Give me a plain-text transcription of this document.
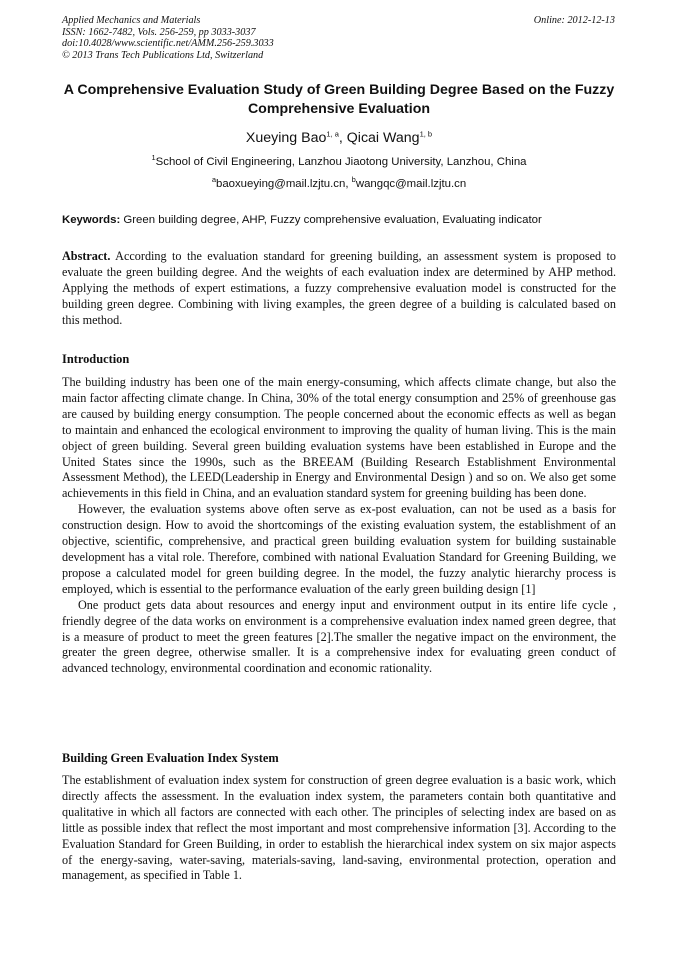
Applied Mechanics and Materials
ISSN: 1662-7482, Vols. 256-259, pp 3033-3037
doi:10.4028/www.scientific.net/AMM.256-259.3033
© 2013 Trans Tech Publications Ltd, Switzerland
Online: 2012-12-13
A Comprehensive Evaluation Study of Green Building Degree Based on the Fuzzy Comprehensive Evaluation
Xueying Bao$^{1, a}$, Qicai Wang$^{1, b}$
$^1$School of Civil Engineering, Lanzhou Jiaotong University, Lanzhou, China
$^a$baoxueying@mail.lzjtu.cn, $^b$wangqc@mail.lzjtu.cn
Keywords: Green building degree, AHP, Fuzzy comprehensive evaluation, Evaluating indicator
Abstract. According to the evaluation standard for greening building, an assessment system is proposed to evaluate the green building degree. And the weights of each evaluation index are determined by AHP method. Applying the methods of expert estimations, a fuzzy comprehensive evaluation model is constructed for the building green degree. Combining with living examples, the green degree of a building is calculated based on this method.
Introduction

The building industry has been one of the main energy-consuming, which affects climate change, but also the main factor affecting climate change. In China, 30% of the total energy consumption and 25% of greenhouse gas are caused by building energy consumption. The people concerned about the economic effects as well as began to maintain and enhanced the ecological environment to improving the quality of human living. This is the main object of green building. Several green building evaluation systems have been established in Europe and the United States since the 1990s, such as the BREEAM (Building Research Establishment Environmental Assessment Method), the LEED(Leadership in Energy and Environmental Design ) and so on. We also get some achievements in this field in China, and an evaluation standard system for greening building has been done.

However, the evaluation systems above often serve as ex-post evaluation, can not be used as a basis for construction design. How to avoid the shortcomings of the existing evaluation system, the establishment of an objective, scientific, comprehensive, and practical green building evaluation system for building sustainable development has a vital role. Therefore, combined with national Evaluation Standard for Greening Building, we propose a calculated model for green building degree. In the model, the fuzzy analytic hierarchy process is employed, which is essential to the performance evaluation of the early green building design [1]

One product gets data about resources and energy input and environment output in its entire life cycle , friendly degree of the data works on environment is a comprehensive evaluation index named green degree, that is a measure of product to meet the green features [2].The smaller the negative impact on the environment, the greater the green degree, otherwise smaller. It is a comprehensive index for evaluating green conduct of advanced technology, environmental coordination and economic rationality.

Building Green Evaluation Index System

The establishment of evaluation index system for construction of green degree evaluation is a basic work, which directly affects the assessment. In the evaluation index system, the parameters contain both quantitative and qualitative in which all factors are connected with each other. The principles of selecting index are based on as little as possible index that reflect the most important and most comprehensive information [3]. According to the Evaluation Standard for Green Building, in order to establish the hierarchical index system on six major aspects of the energy-saving, water-saving, materials-saving, land-saving, environmental protection, operation and management, as specified in Table 1.
